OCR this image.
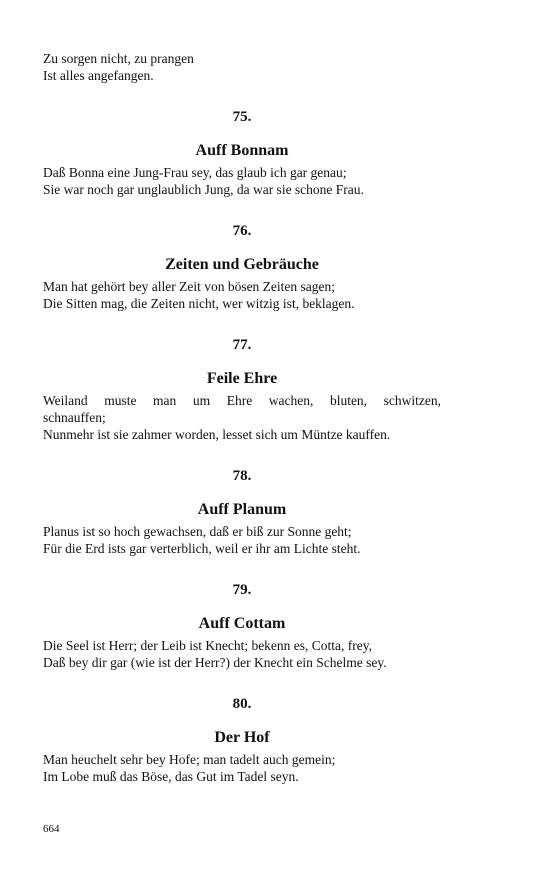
Zu sorgen nicht, zu prangen
Ist alles angefangen.
75.
Auff Bonnam
Daß Bonna eine Jung-Frau sey, das glaub ich gar genau;
Sie war noch gar unglaublich Jung, da war sie schone Frau.
76.
Zeiten und Gebräuche
Man hat gehört bey aller Zeit von bösen Zeiten sagen;
Die Sitten mag, die Zeiten nicht, wer witzig ist, beklagen.
77.
Feile Ehre
Weiland muste man um Ehre wachen, bluten, schwitzen,
schnauffen;
Nunmehr ist sie zahmer worden, lesset sich um Müntze kauffen.
78.
Auff Planum
Planus ist so hoch gewachsen, daß er biß zur Sonne geht;
Für die Erd ists gar verterblich, weil er ihr am Lichte steht.
79.
Auff Cottam
Die Seel ist Herr; der Leib ist Knecht; bekenn es, Cotta, frey,
Daß bey dir gar (wie ist der Herr?) der Knecht ein Schelme sey.
80.
Der Hof
Man heuchelt sehr bey Hofe; man tadelt auch gemein;
Im Lobe muß das Böse, das Gut im Tadel seyn.
664
